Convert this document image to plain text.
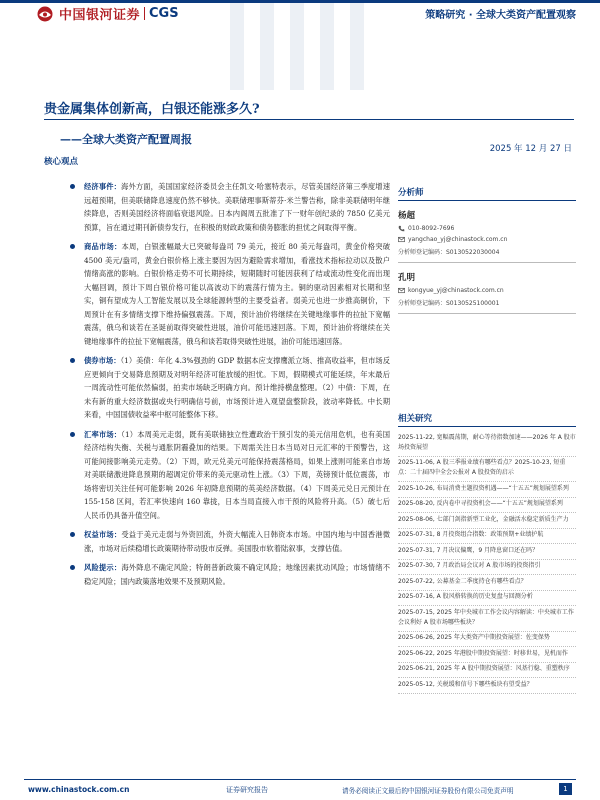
中国银河证券 CGS	策略研究 · 全球大类资产配置观察
贵金属集体创新高，白银还能涨多久?
——全球大类资产配置周报
2025 年 12 月 27 日
核心观点
经济事件：海外方面，美国国家经济委员会主任凯文·哈塞特表示，尽管美国经济第三季度增速远超预期，但美联储降息速度仍然不够快。美联储理事斯蒂芬·米兰警告称，除非美联储明年继续降息，否则美国经济将面临衰退风险。日本内阁周五批准了下一财年创纪录的 7850 亿美元预算，旨在通过期刊新债券发行，在积极的财政政策和债务膨胀的担忧之间取得平衡。
商品市场：本周，白银涨幅最大已突破每盎司 79 美元，接近 80 美元每盎司，黄金价格突破 4500 美元/盎司，黄金白银价格上涨主要因为因为避险需求增加，看涨技术指标拉动以及散户情绪高涨的影响。白银价格走势不可长期持续，短期随时可能因获利了结或流动性变化而出现大幅回调，预计下周白银价格可能以高波动下的震荡行情为主。铜的驱动因素相对长期和坚实，铜有望成为人工智能发展以及全球能源转型的主要受益者。弱美元也进一步推高铜价，下周预计在有多情绪支撑下维持偏强震荡。下周，预计油价将继续在关键地缘事件的拉扯下宽幅震荡，俄乌和谈若在圣诞前取得突破性进展，油价可能迅速回落。下周，预计油价将继续在关键地缘事件的拉扯下宽幅震荡，俄乌和谈若取得突破性进展，油价可能迅速回落。
债券市场：（1）美债：年化 4.3%强劲的 GDP 数据本应支撑鹰派立场、推高收益率，但市场反应更倾向于交易降息预期及对明年经济可能放缓的担忧。下周，假期模式可能延续，年末最后一周流动性可能依然偏弱，拍卖市场缺乏明确方向。预计维持横盘整理。（2）中债：下周，在未有新的重大经济数据或央行明确信号前，市场预计进入观望盘整阶段，波动率降低。中长期来看，中国国债收益率中枢可能整体下移。
汇率市场：（1）本周美元走弱，既有美联储独立性遭政治干预引发的美元信用危机，也有美国经济结构失衡、关税与通胀阴霾叠加的结果。下周需关注日本当局对日元汇率的干预警告，这可能间接影响美元走势。（2）下周，欧元兑美元可能保持震荡格局，如果上涨则可能来自市场对美联储激进降息预期的超调定价带来的美元驱动性上涨。（3）下周，英镑预计低位震荡，市场将密切关注任何可能影响 2026 年初降息预期的英美经济数据。（4）下周美元兑日元预计在 155-158 区间，若汇率快速向 160 靠拢，日本当局直接入市干预的风险将升高。（5）破七后人民币仍具备升值空间。
权益市场：受益于美元走弱与外资回流，外资大幅流入日韩资本市场。中国内地与中国香港微涨，市场对后续稳增长政策期待带动股市反弹。美国股市软着陆叙事，支撑估值。
风险提示：海外降息不确定风险；特朗普新政策不确定风险；地缘因素扰动风险；市场情绪不稳定风险；国内政策落地效果不及预期风险。
分析师
杨超
010-8092-7696
yangchao_yj@chinastock.com.cn
分析师登记编码：S0130522030004
孔明
kongyue_yj@chinastock.com.cn
分析师登记编码：S0130525100001
相关研究
2025-11-22, 宽幅震荡期，耐心等待指数加速——2026 年 A 股市场投资展望
2025-11-06, A 股三季报业绩有哪些看点？2025-10-23, 短重点：二十届四中全会公报对 A 股投资的启示
2025-10-26, 布局消费主题投资机遇——“十五五”规划展望系列
2025-08-20, 反内卷中寻投资机会——“十五五”规划展望系列
2025-08-06, 七部门剑指新型工业化，金融活水稳定新质生产力
2025-07-31, 8 月投资组合指数：政策预期+业绩护航
2025-07-31, 7 月决议偏鹰，9 月降息窗口还在吗？
2025-07-30, 7 月政治局会议对 A 股市场的投资指引
2025-07-22, 公募基金二季度持仓有哪些看点？
2025-07-16, A 股风格转换的历史复盘与回测分析
2025-07-15, 2025 年中央城市工作会议内容解读：中央城市工作会议利好 A 股市场哪些板块？
2025-06-26, 2025 年大类资产中期投资展望：佐变保势
2025-06-22, 2025 年港股中期投资展望：时移世易，见机而作
2025-06-21, 2025 年 A 股中期投资展望：风基行稳、重塑秩序
2025-05-12, 关税缓和信号下哪些板块有望受益？
www.chinastock.com.cn	证券研究报告	请务必阅读正文最后的中国银河证券股份有限公司免责声明	1
